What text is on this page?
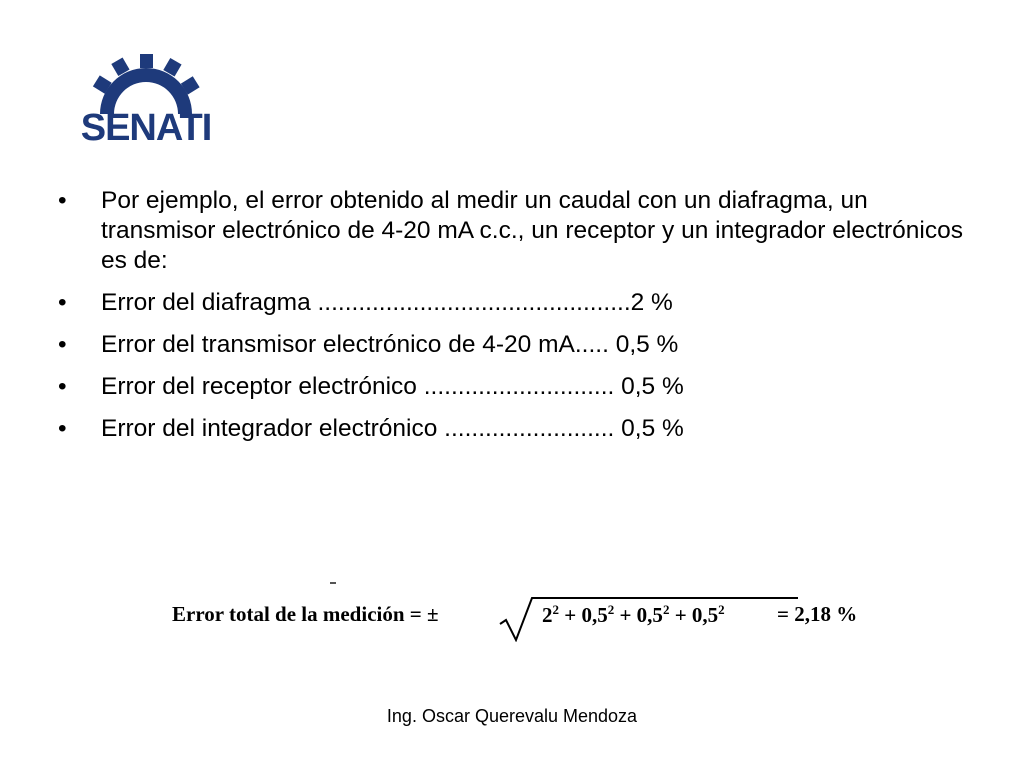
SENATI
• Por ejemplo, el error obtenido al medir un caudal con un diafragma, un transmisor electrónico de 4-20 mA c.c., un receptor y un integrador electrónicos es de:
• Error del diafragma ..............................................2 %
• Error del transmisor electrónico de 4-20 mA..... 0,5 %
• Error del receptor electrónico ............................ 0,5 %
• Error del integrador electrónico ......................... 0,5 %
Error total de la medición = ±	$2^2 + 0,5^2 + 0,5^2 + 0,5^2 = 2,18$ %
Ing. Oscar Querevalu Mendoza
